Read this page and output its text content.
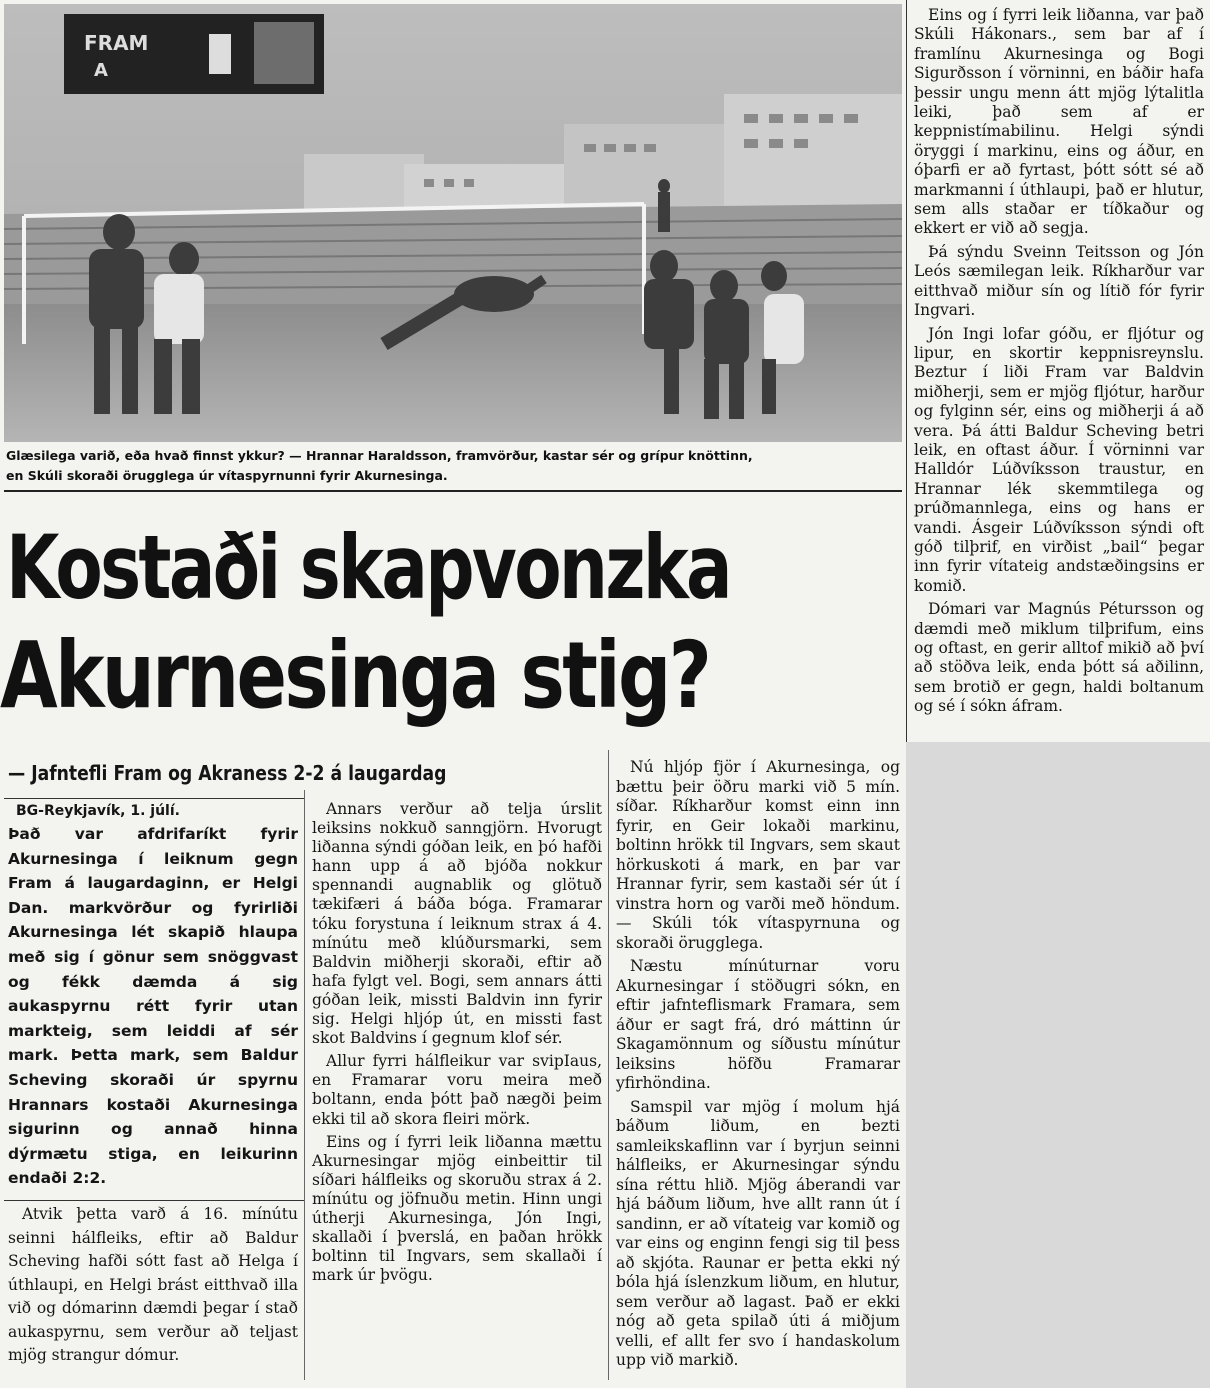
FRAM
A
Glæsilega varið, eða hvað finnst ykkur? — Hrannar Haraldsson, framvörður, kastar sér og grípur knöttinn,
en Skúli skoraði örugglega úr vítaspyrnunni fyrir Akurnesinga.
Kostaði skapvonzka
Akurnesinga stig?
— Jafntefli Fram og Akraness 2-2 á laugardag
BG-Reykjavík, 1. júlí.

Það var afdrifaríkt fyrir Akurnesinga í leiknum gegn Fram á laugardaginn, er Helgi Dan. markvörður og fyrirliði Akurnesinga lét skapið hlaupa með sig í gönur sem snöggvast og fékk dæmda á sig aukaspyrnu rétt fyrir utan markteig, sem leiddi af sér mark. Þetta mark, sem Baldur Scheving skoraði úr spyrnu Hrannars kostaði Akurnesinga sigurinn og annað hinna dýrmætu stiga, en leikurinn endaði 2:2.

Atvik þetta varð á 16. mínútu seinni hálfleiks, eftir að Baldur Scheving hafði sótt fast að Helga í úthlaupi, en Helgi brást eitthvað illa við og dómarinn dæmdi þegar í stað aukaspyrnu, sem verður að teljast mjög strangur dómur.

Annars verður að telja úrslit leiksins nokkuð sanngjörn. Hvorugt liðanna sýndi góðan leik, en þó hafði hann upp á að bjóða nokkur spennandi augnablik og glötuð tækifæri á báða bóga. Framarar tóku forystuna í leiknum strax á 4. mínútu með klúðursmarki, sem Baldvin miðherji skoraði, eftir að hafa fylgt vel. Bogi, sem annars átti góðan leik, missti Baldvin inn fyrir sig. Helgi hljóp út, en missti fast skot Baldvins í gegnum klof sér.

Allur fyrri hálfleikur var svipIaus, en Framarar voru meira með boltann, enda þótt það nægði þeim ekki til að skora fleiri mörk.

Eins og í fyrri leik liðanna mættu Akurnesingar mjög einbeittir til síðari hálfleiks og skoruðu strax á 2. mínútu og jöfnuðu metin. Hinn ungi útherji Akurnesinga, Jón Ingi, skallaði í þverslá, en þaðan hrökk boltinn til Ingvars, sem skallaði í mark úr þvögu.

Nú hljóp fjör í Akurnesinga, og bættu þeir öðru marki við 5 mín. síðar. Ríkharður komst einn inn fyrir, en Geir lokaði markinu, boltinn hrökk til Ingvars, sem skaut hörkuskoti á mark, en þar var Hrannar fyrir, sem kastaði sér út í vinstra horn og varði með höndum. — Skúli tók vítaspyrnuna og skoraði örugglega.

Næstu mínúturnar voru Akurnesingar í stöðugri sókn, en eftir jafnteflismark Framara, sem áður er sagt frá, dró máttinn úr Skagamönnum og síðustu mínútur leiksins höfðu Framarar yfirhöndina.

Samspil var mjög í molum hjá báðum liðum, en bezti samleikskaflinn var í byrjun seinni hálfleiks, er Akurnesingar sýndu sína réttu hlið. Mjög áberandi var hjá báðum liðum, hve allt rann út í sandinn, er að vítateig var komið og var eins og enginn fengi sig til þess að skjóta. Raunar er þetta ekki ný bóla hjá íslenzkum liðum, en hlutur, sem verður að lagast. Það er ekki nóg að geta spilað úti á miðjum velli, ef allt fer svo í handaskolum upp við markið.

Eins og í fyrri leik liðanna, var það Skúli Hákonars., sem bar af í framlínu Akurnesinga og Bogi Sigurðsson í vörninni, en báðir hafa þessir ungu menn átt mjög lýtalitla leiki, það sem af er keppnistímabilinu. Helgi sýndi öryggi í markinu, eins og áður, en óþarfi er að fyrtast, þótt sótt sé að markmanni í úthlaupi, það er hlutur, sem alls staðar er tíðkaður og ekkert er við að segja.

Þá sýndu Sveinn Teitsson og Jón Leós sæmilegan leik. Ríkharður var eitthvað miður sín og lítið fór fyrir Ingvari.

Jón Ingi lofar góðu, er fljótur og lipur, en skortir keppnisreynslu. Beztur í liði Fram var Baldvin miðherji, sem er mjög fljótur, harður og fylginn sér, eins og miðherji á að vera. Þá átti Baldur Scheving betri leik, en oftast áður. Í vörninni var Halldór Lúðvíksson traustur, en Hrannar lék skemmtilega og prúðmannlega, eins og hans er vandi. Ásgeir Lúðvíksson sýndi oft góð tilþrif, en virðist „bail“ þegar inn fyrir vítateig andstæðingsins er komið.

Dómari var Magnús Pétursson og dæmdi með miklum tilþrifum, eins og oftast, en gerir alltof mikið að því að stöðva leik, enda þótt sá aðilinn, sem brotið er gegn, haldi boltanum og sé í sókn áfram.
